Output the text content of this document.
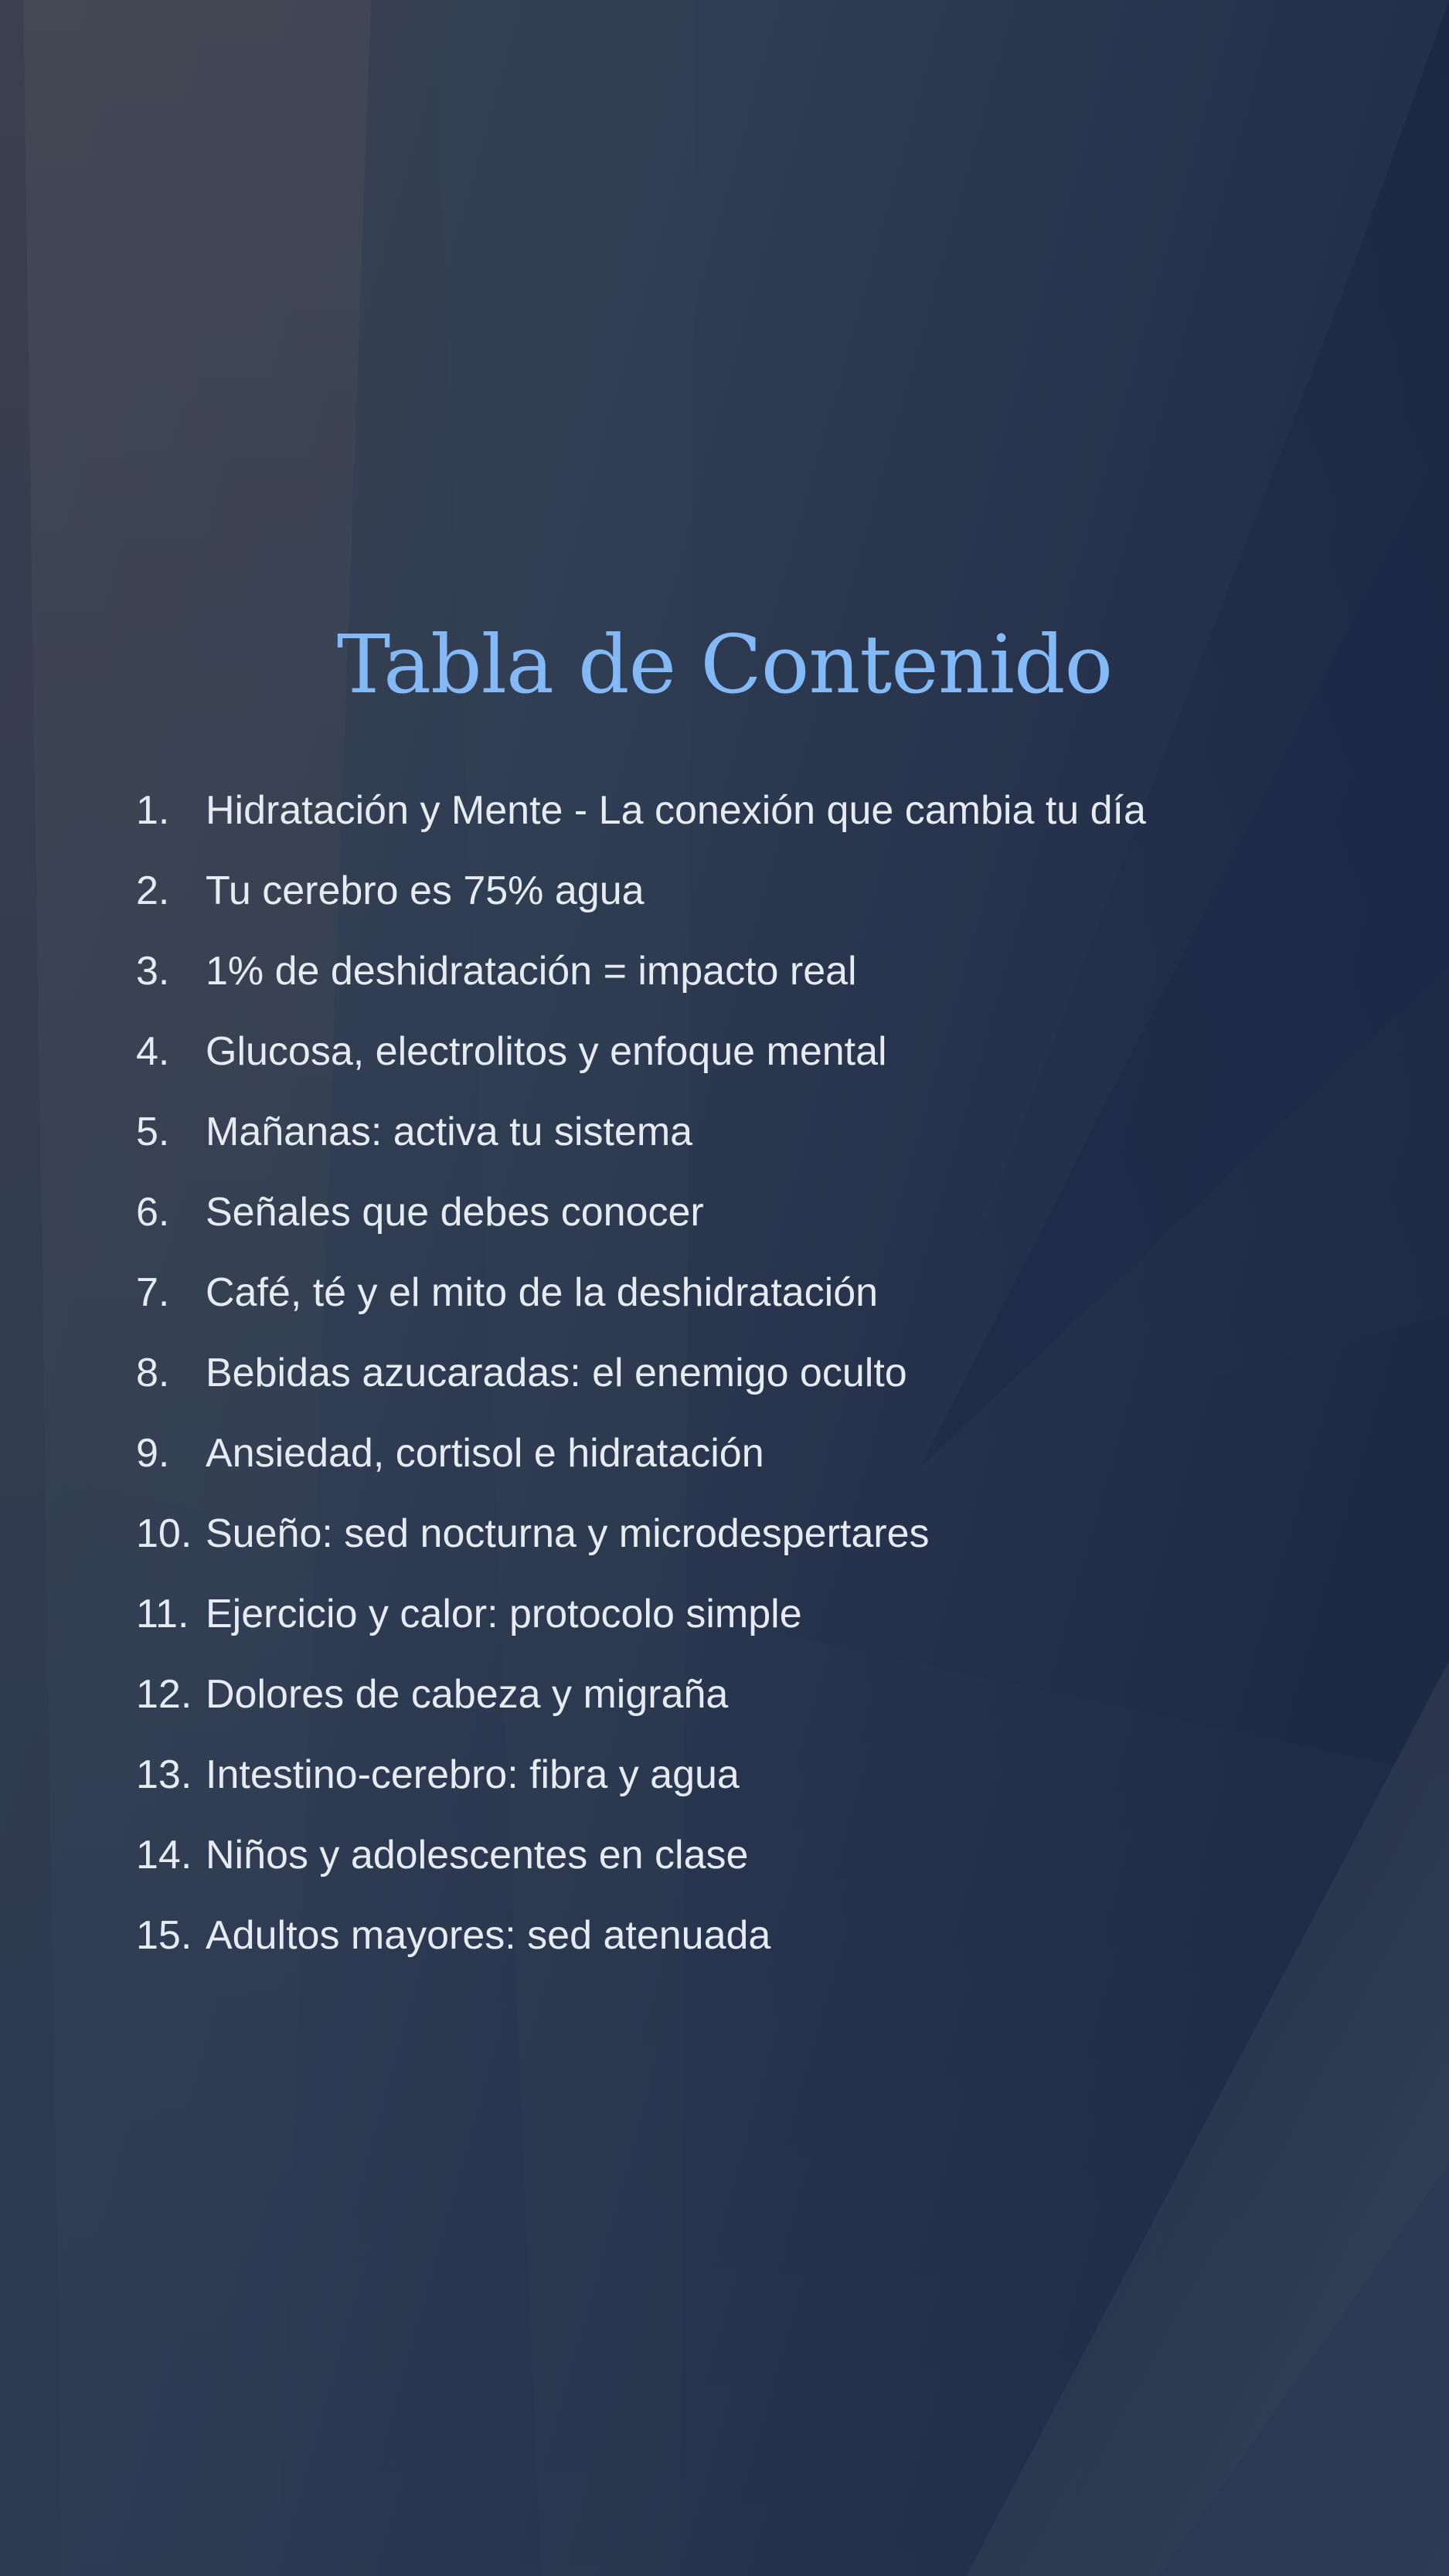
Tabla de Contenido
1. Hidratación y Mente - La conexión que cambia tu día
2. Tu cerebro es 75% agua
3. 1% de deshidratación = impacto real
4. Glucosa, electrolitos y enfoque mental
5. Mañanas: activa tu sistema
6. Señales que debes conocer
7. Café, té y el mito de la deshidratación
8. Bebidas azucaradas: el enemigo oculto
9. Ansiedad, cortisol e hidratación
10. Sueño: sed nocturna y microdespertares
11. Ejercicio y calor: protocolo simple
12. Dolores de cabeza y migraña
13. Intestino-cerebro: fibra y agua
14. Niños y adolescentes en clase
15. Adultos mayores: sed atenuada
